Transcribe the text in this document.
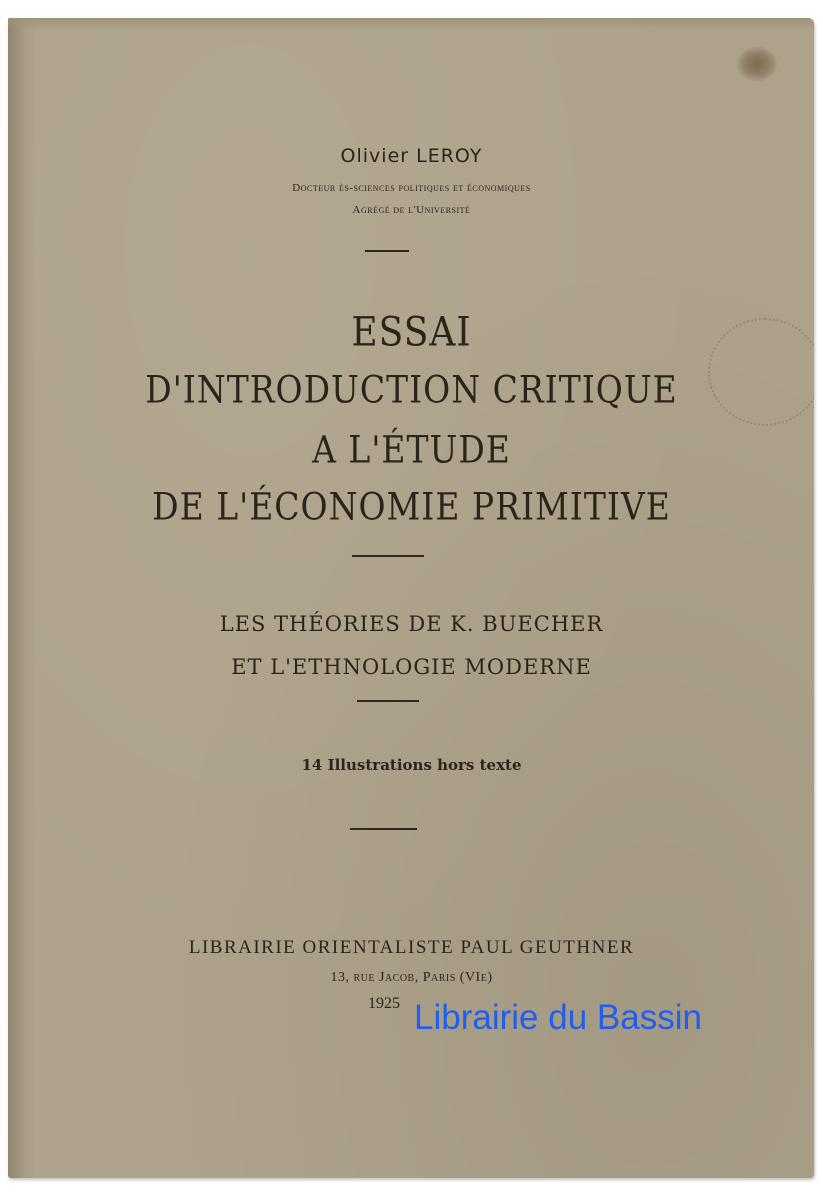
Olivier LEROY
Docteur ès-sciences politiques et économiques
Agrégé de l'Université
ESSAI
D'INTRODUCTION CRITIQUE
A L'ÉTUDE
DE L'ÉCONOMIE PRIMITIVE
LES THÉORIES DE K. BUECHER
ET L'ETHNOLOGIE MODERNE
14 Illustrations hors texte
LIBRAIRIE ORIENTALISTE PAUL GEUTHNER
13, rue Jacob, Paris (VIe)
1925 Librairie du Bassin
